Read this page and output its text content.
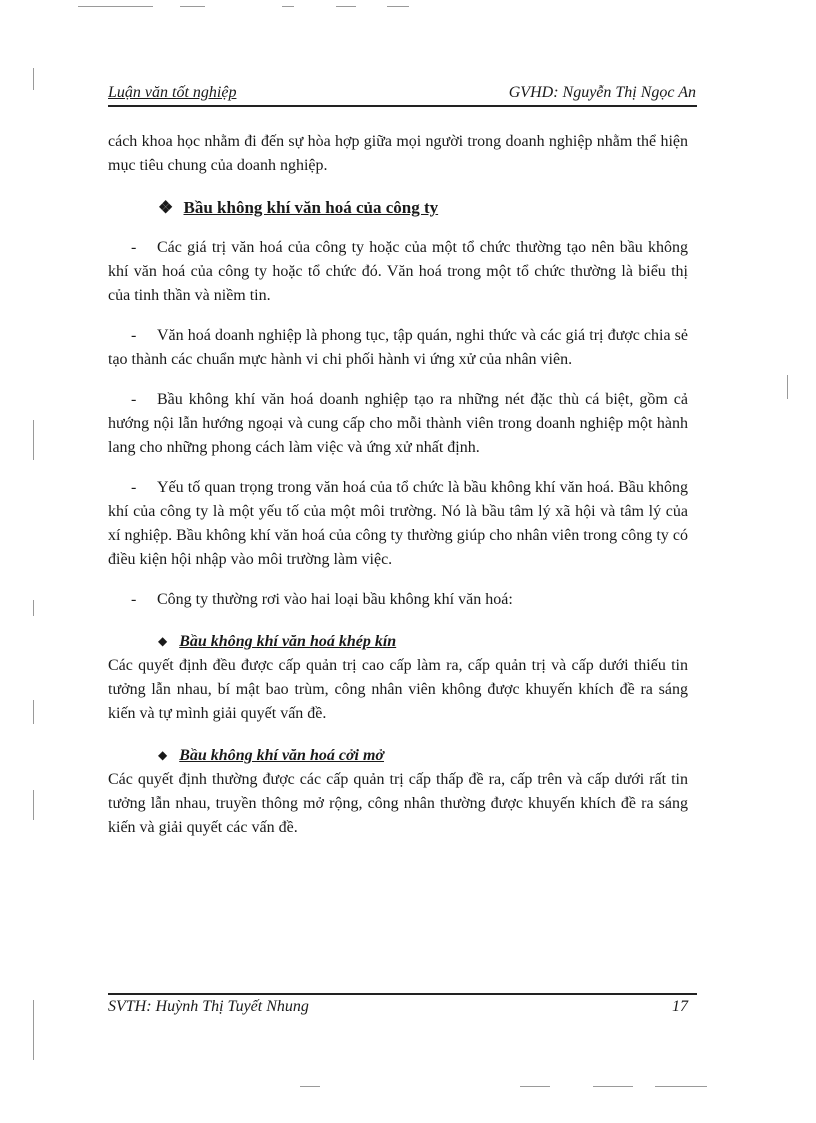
Luận văn tốt nghiệp	GVHD: Nguyễn Thị Ngọc An

cách khoa học nhằm đi đến sự hòa hợp giữa mọi người trong doanh nghiệp nhằm thể hiện mục tiêu chung của doanh nghiệp.

❖ Bầu không khí văn hoá của công ty

- Các giá trị văn hoá của công ty hoặc của một tổ chức thường tạo nên bầu không khí văn hoá của công ty hoặc tổ chức đó. Văn hoá trong một tổ chức thường là biểu thị của tinh thần và niềm tin.

- Văn hoá doanh nghiệp là phong tục, tập quán, nghi thức và các giá trị được chia sẻ tạo thành các chuẩn mực hành vi chi phối hành vi ứng xử của nhân viên.

- Bầu không khí văn hoá doanh nghiệp tạo ra những nét đặc thù cá biệt, gồm cả hướng nội lẫn hướng ngoại và cung cấp cho mỗi thành viên trong doanh nghiệp một hành lang cho những phong cách làm việc và ứng xử nhất định.

- Yếu tố quan trọng trong văn hoá của tổ chức là bầu không khí văn hoá. Bầu không khí của công ty là một yếu tố của một môi trường. Nó là bầu tâm lý xã hội và tâm lý của xí nghiệp. Bầu không khí văn hoá của công ty thường giúp cho nhân viên trong công ty có điều kiện hội nhập vào môi trường làm việc.

- Công ty thường rơi vào hai loại bầu không khí văn hoá:

◆ Bầu không khí văn hoá khép kín

Các quyết định đều được cấp quản trị cao cấp làm ra, cấp quản trị và cấp dưới thiếu tin tưởng lẫn nhau, bí mật bao trùm, công nhân viên không được khuyến khích đề ra sáng kiến và tự mình giải quyết vấn đề.

◆ Bầu không khí văn hoá cởi mở

Các quyết định thường được các cấp quản trị cấp thấp đề ra, cấp trên và cấp dưới rất tin tưởng lẫn nhau, truyền thông mở rộng, công nhân thường được khuyến khích đề ra sáng kiến và giải quyết các vấn đề.

SVTH: Huỳnh Thị Tuyết Nhung	17
